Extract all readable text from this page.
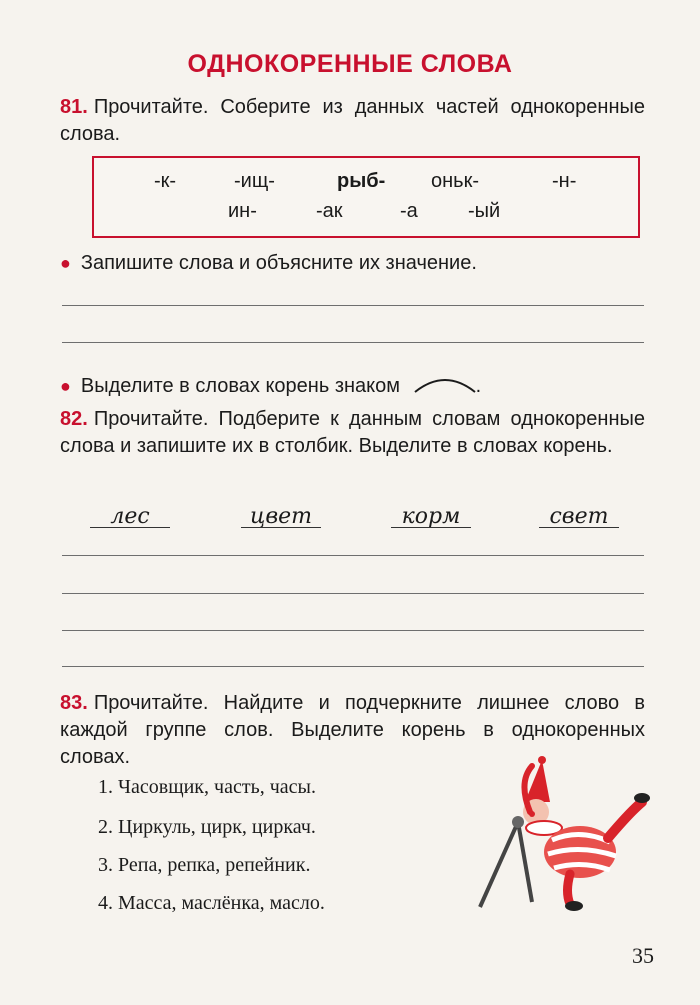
ОДНОКОРЕННЫЕ СЛОВА
81. Прочитайте. Соберите из данных частей однокоренные слова.
-к-	-ищ-	рыб- оньк-	-н-
ин-	-ак	-а	-ый
● Запишите слова и объясните их значение.
● Выделите в словах корень знаком	.
82. Прочитайте. Подберите к данным словам однокоренные слова и запишите их в столбик. Выделите в словах корень.
лес	цвет	корм	свет
83. Прочитайте. Найдите и подчеркните лишнее слово в каждой группе слов. Выделите корень в однокоренных словах.
1. Часовщик, часть, часы.
2. Циркуль, цирк, циркач.
3. Репа, репка, репейник.
4. Масса, маслёнка, масло.
35
